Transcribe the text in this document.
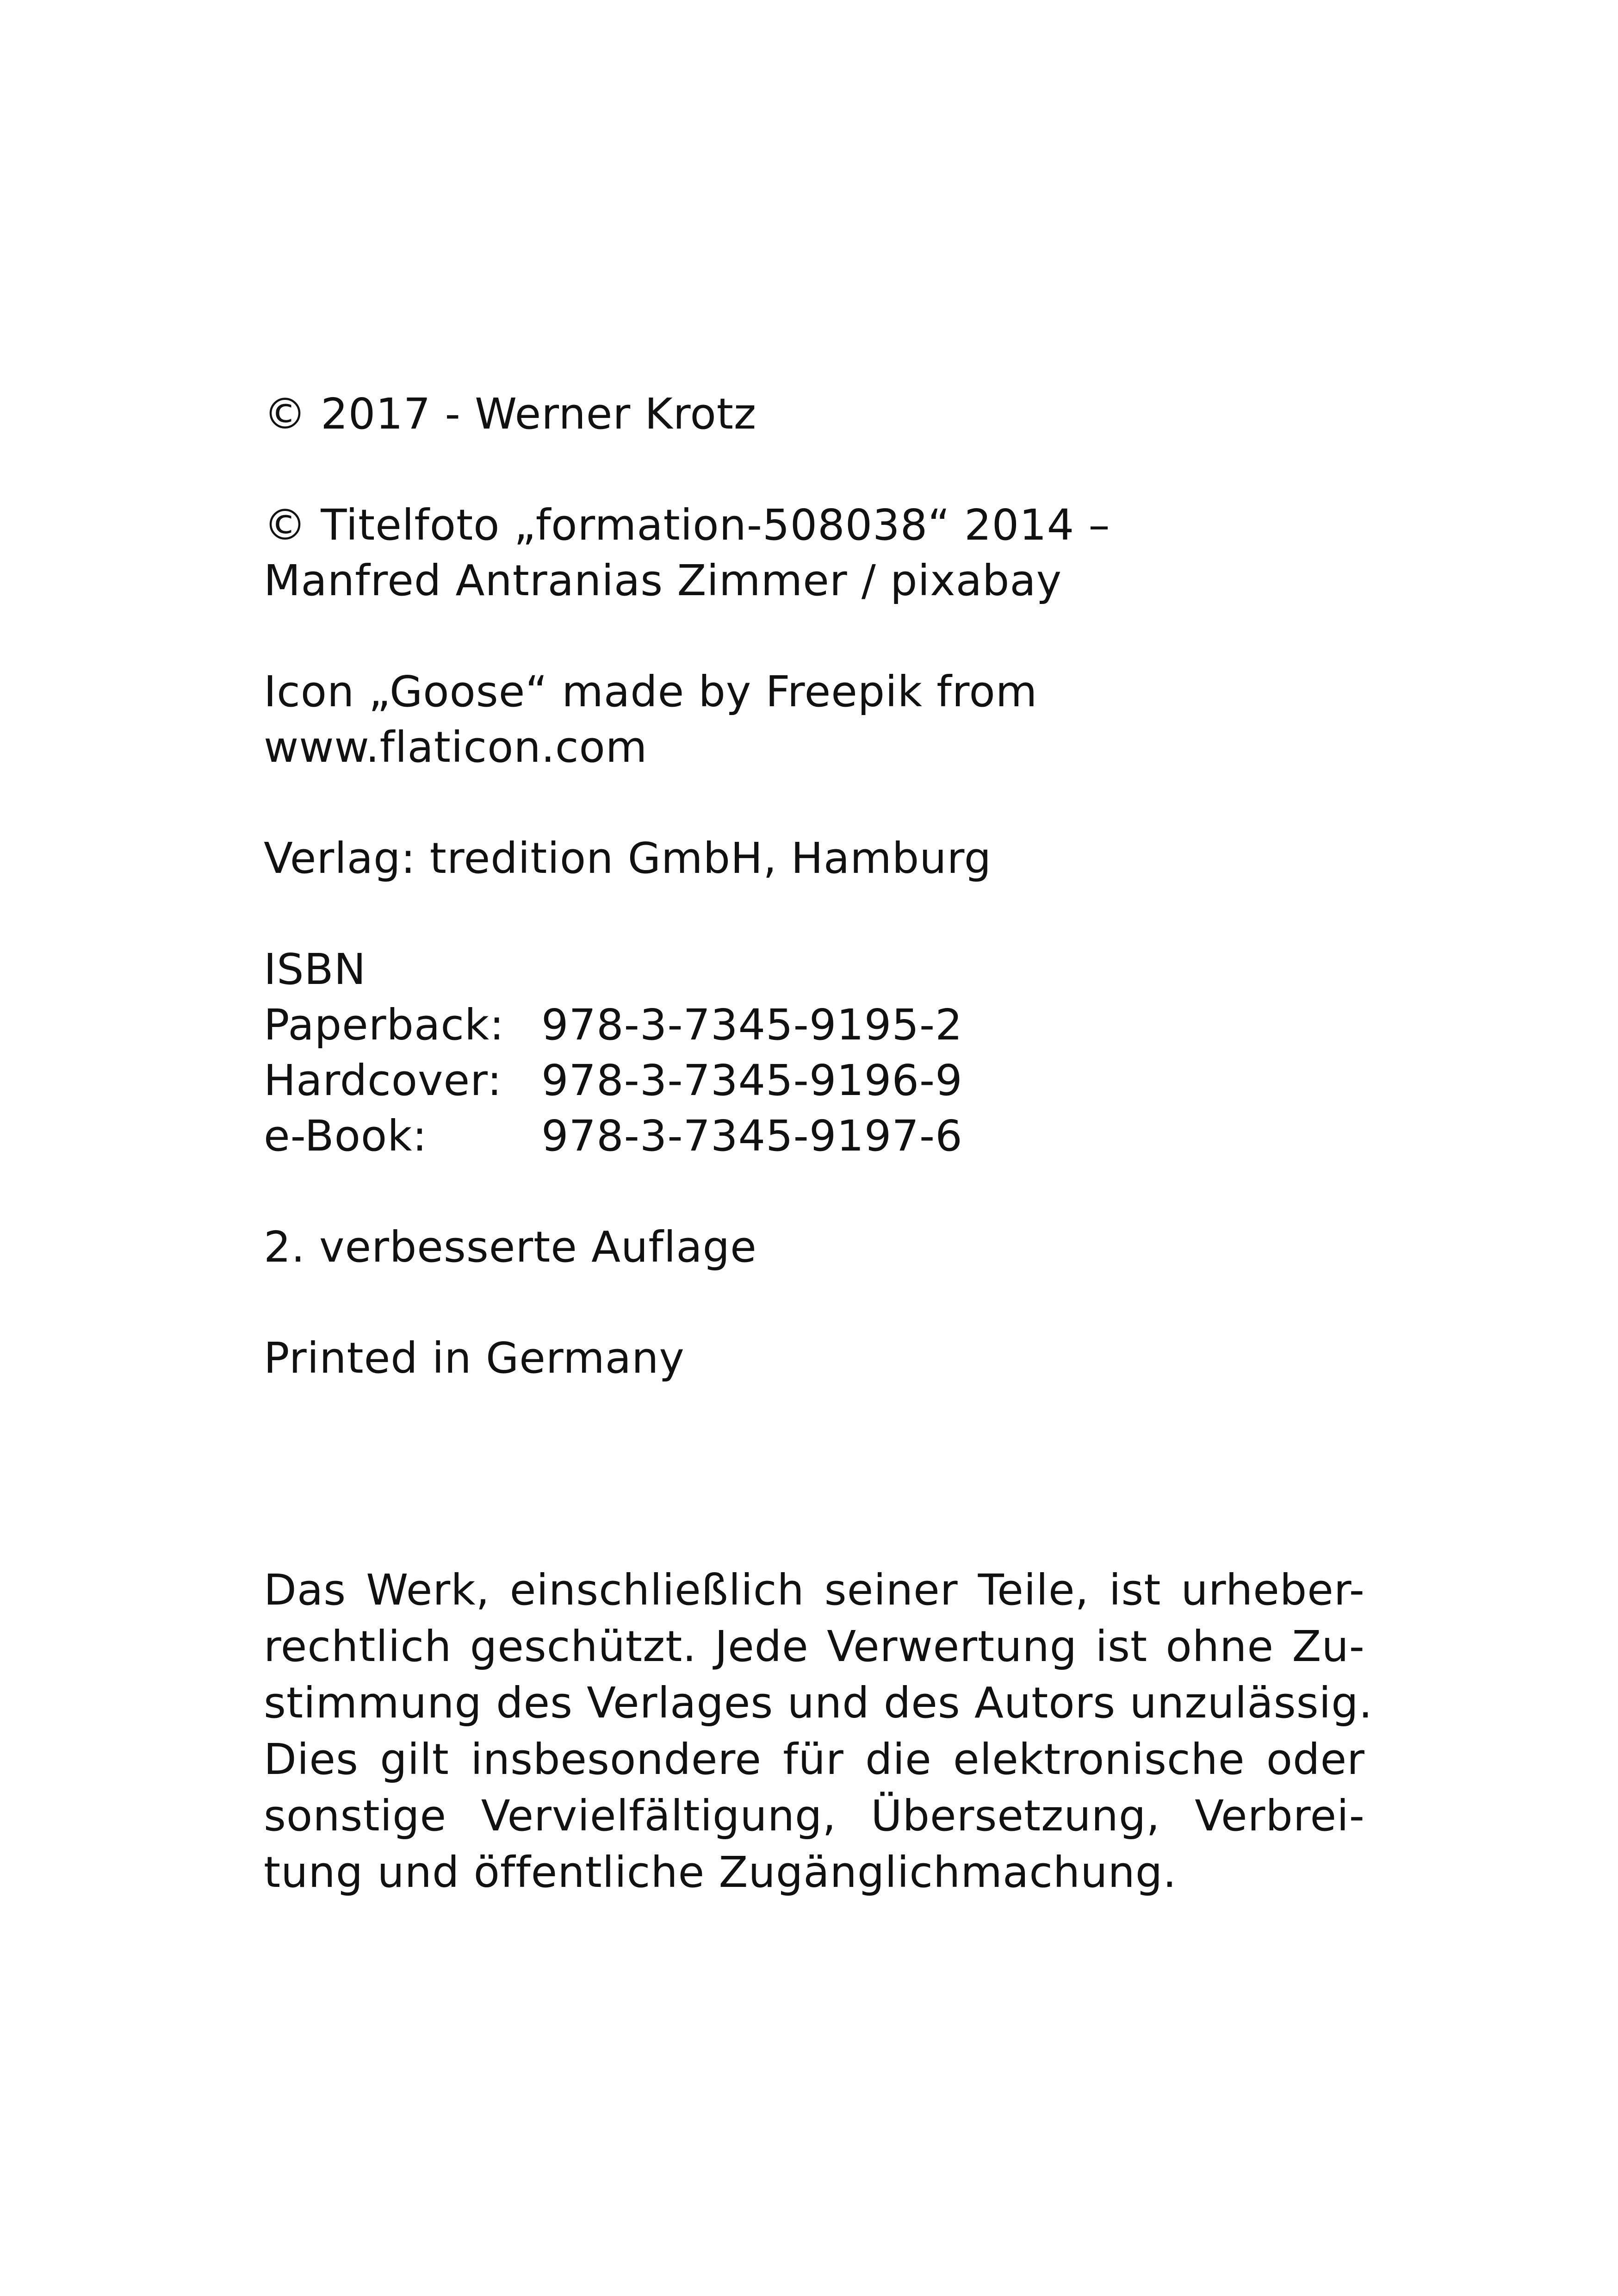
© 2017 - Werner Krotz
© Titelfoto „formation-508038“ 2014 –
Manfred Antranias Zimmer / pixabay
Icon „Goose“ made by Freepik from
www.flaticon.com
Verlag: tredition GmbH, Hamburg
ISBN
Paperback: 978-3-7345-9195-2
Hardcover: 978-3-7345-9196-9
e-Book:	978-3-7345-9197-6
2. verbesserte Auflage
Printed in Germany
Das Werk, einschließlich seiner Teile, ist urheber-
rechtlich geschützt. Jede Verwertung ist ohne Zu-
stimmung des Verlages und des Autors unzulässig.
Dies gilt insbesondere für die elektronische oder
sonstige Vervielfältigung, Übersetzung, Verbrei-
tung und öffentliche Zugänglichmachung.
